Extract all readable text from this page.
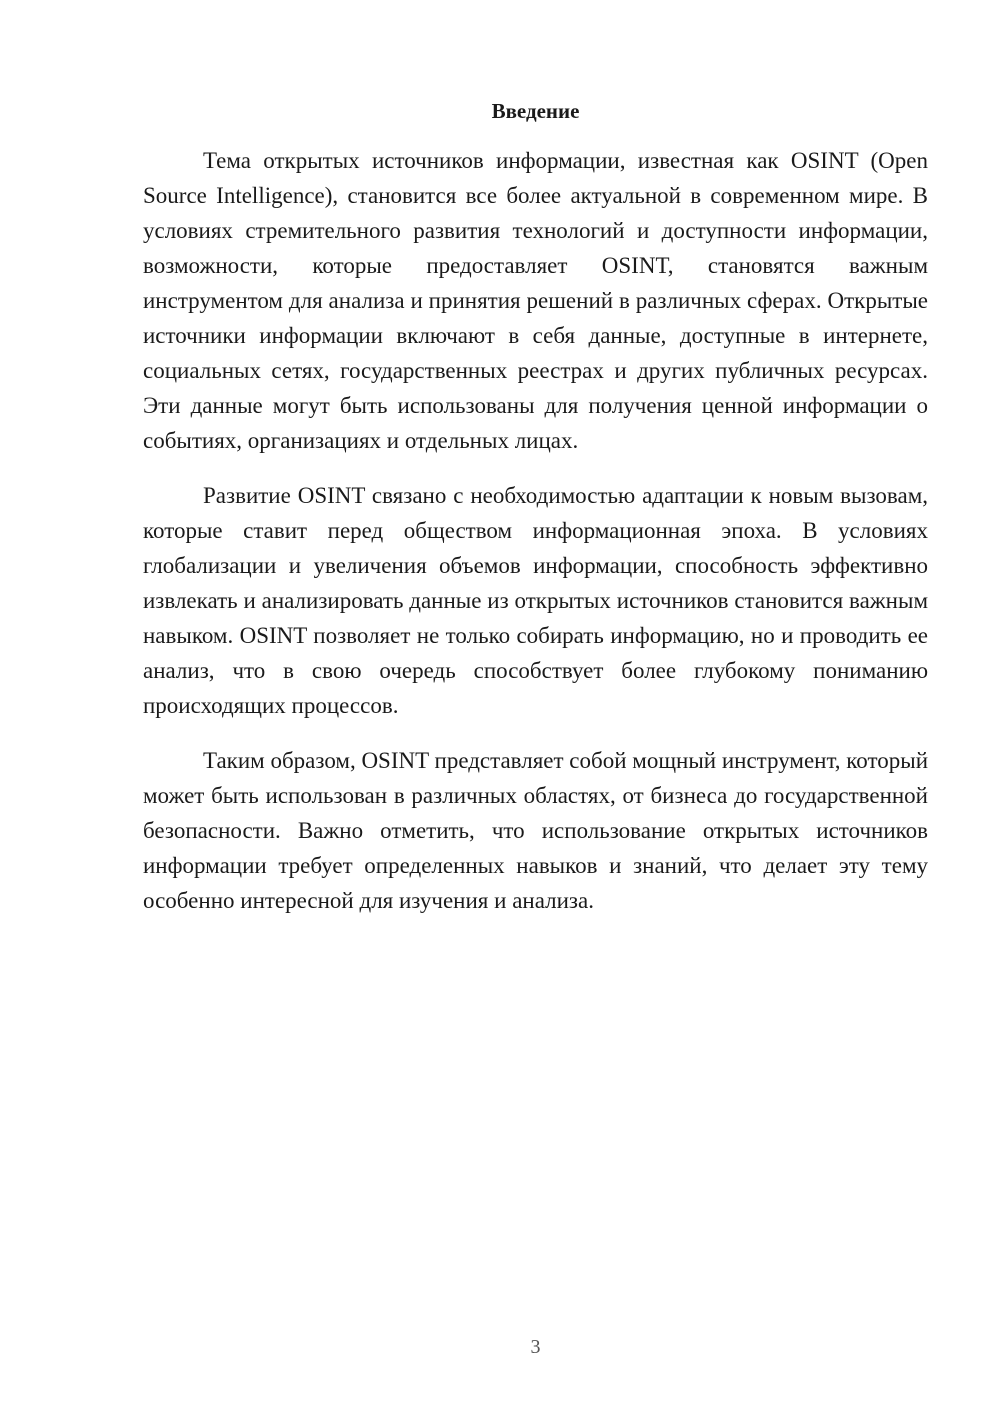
Введение

Тема открытых источников информации, известная как OSINT (Open Source Intelligence), становится все более актуальной в современном мире. В условиях стремительного развития технологий и доступности информации, возможности, которые предоставляет OSINT, становятся важным инструментом для анализа и принятия решений в различных сферах. Открытые источники информации включают в себя данные, доступные в интернете, социальных сетях, государственных реестрах и других публичных ресурсах. Эти данные могут быть использованы для получения ценной информации о событиях, организациях и отдельных лицах.

Развитие OSINT связано с необходимостью адаптации к новым вызовам, которые ставит перед обществом информационная эпоха. В условиях глобализации и увеличения объемов информации, способность эффективно извлекать и анализировать данные из открытых источников становится важным навыком. OSINT позволяет не только собирать информацию, но и проводить ее анализ, что в свою очередь способствует более глубокому пониманию происходящих процессов.

Таким образом, OSINT представляет собой мощный инструмент, который может быть использован в различных областях, от бизнеса до государственной безопасности. Важно отметить, что использование открытых источников информации требует определенных навыков и знаний, что делает эту тему особенно интересной для изучения и анализа.

3
